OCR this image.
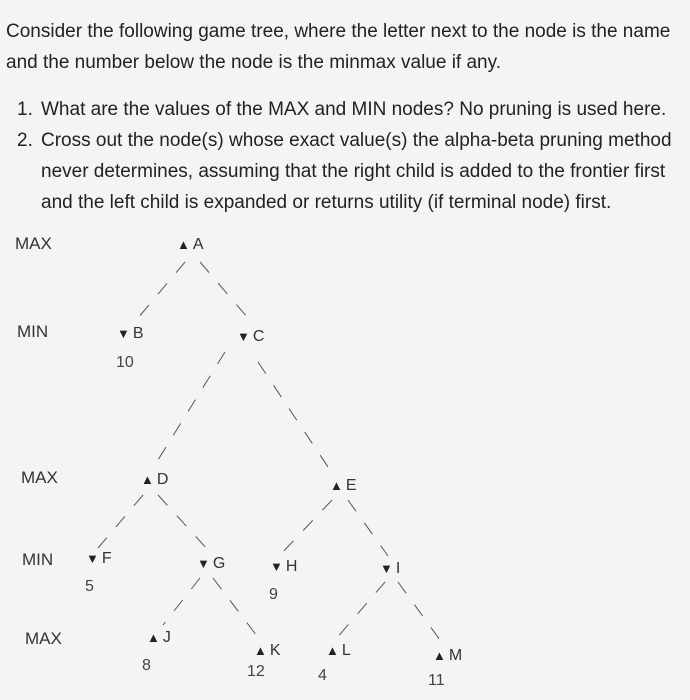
Consider the following game tree, where the letter next to the node is the name and the number below the node is the minmax value if any.

1. What are the values of the MAX and MIN nodes? No pruning is used here.
2. Cross out the node(s) whose exact value(s) the alpha-beta pruning method never determines, assuming that the right child is added to the frontier first and the left child is expanded or returns utility (if terminal node) first.
MAX
MIN
MAX
MIN
MAX
▲ A
▼ B
10
▼ C
▲ D	▲ E
▼ F
5
▼ G	▼ H
9
▼ I
▲ J
8
▲ K
12
▲ L
4
▲ M
11
